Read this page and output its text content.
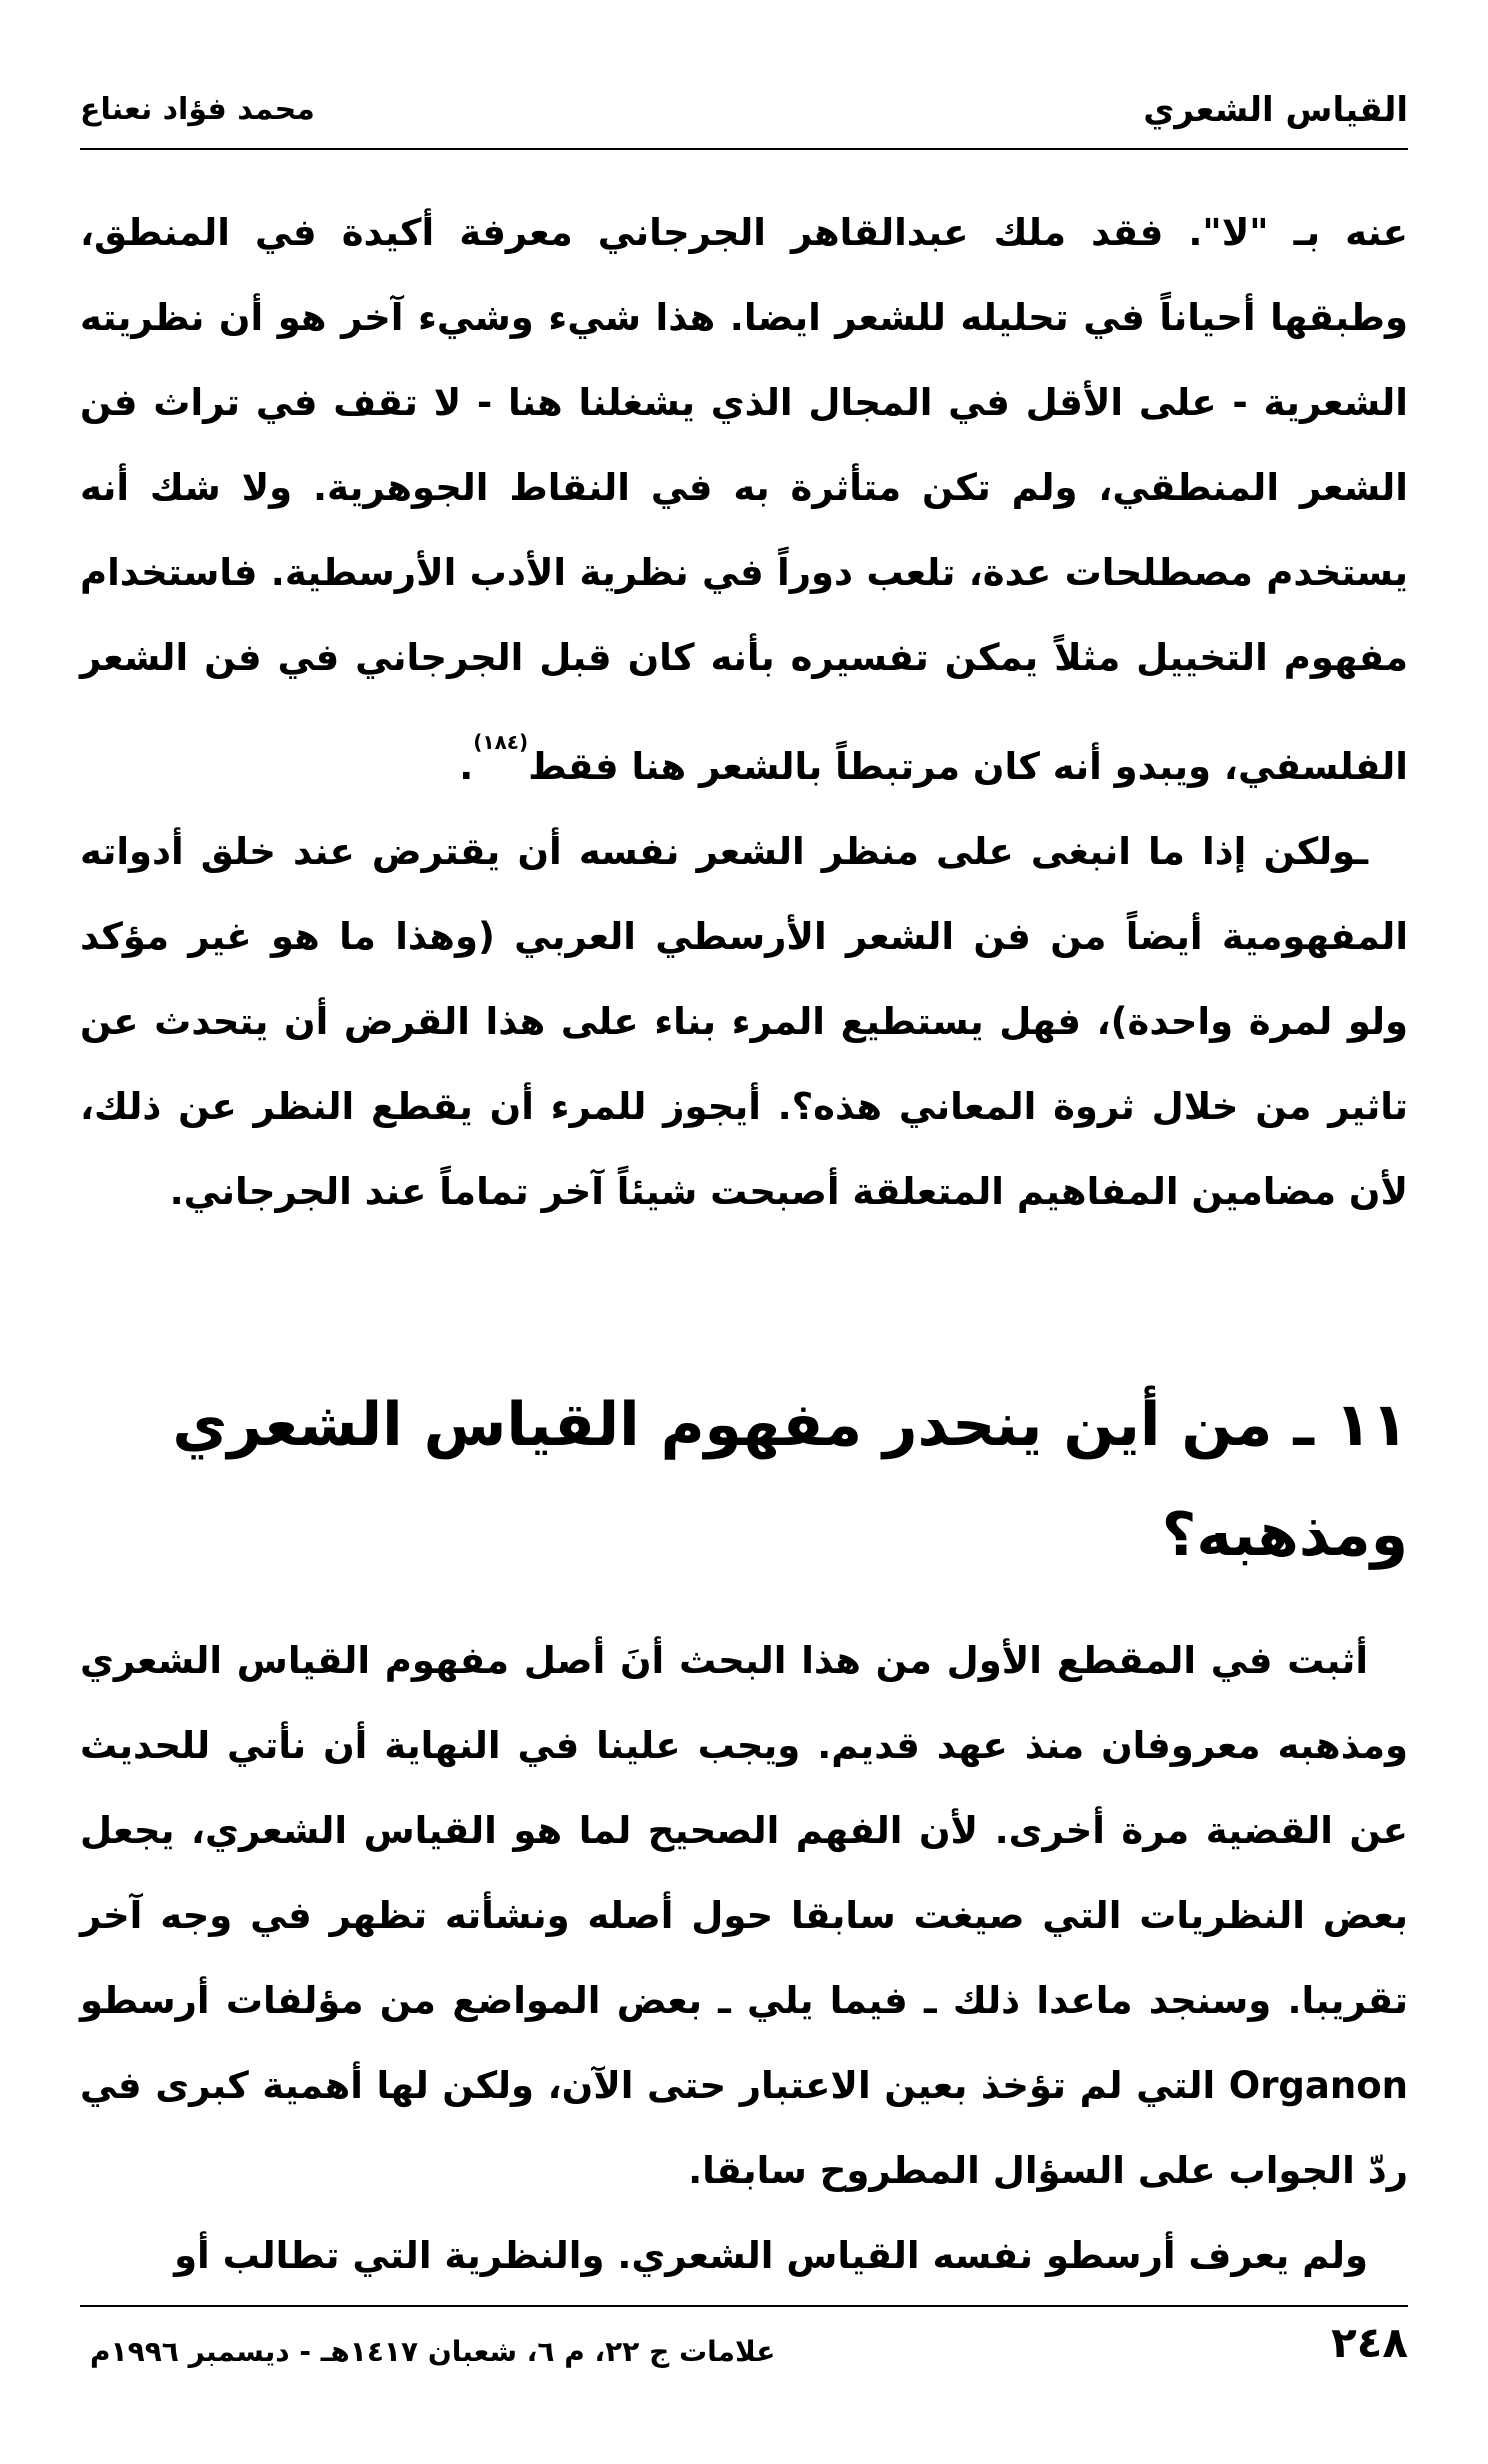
القياس الشعري
محمد فؤاد نعناع

عنه بـ "لا". فقد ملك عبدالقاهر الجرجاني معرفة أكيدة في المنطق، وطبقها أحياناً في تحليله للشعر ايضا. هذا شيء وشيء آخر هو أن نظريته الشعرية - على الأقل في المجال الذي يشغلنا هنا - لا تقف في تراث فن الشعر المنطقي، ولم تكن متأثرة به في النقاط الجوهرية. ولا شك أنه يستخدم مصطلحات عدة، تلعب دوراً في نظرية الأدب الأرسطية. فاستخدام مفهوم التخييل مثلاً يمكن تفسيره بأنه كان قبل الجرجاني في فن الشعر الفلسفي، ويبدو أنه كان مرتبطاً بالشعر هنا فقط$^{(١٨٤)}$.

ـولكن إذا ما انبغى على منظر الشعر نفسه أن يقترض عند خلق أدواته المفهومية أيضاً من فن الشعر الأرسطي العربي (وهذا ما هو غير مؤكد ولو لمرة واحدة)، فهل يستطيع المرء بناء على هذا القرض أن يتحدث عن تاثير من خلال ثروة المعاني هذه؟. أيجوز للمرء أن يقطع النظر عن ذلك، لأن مضامين المفاهيم المتعلقة أصبحت شيئاً آخر تماماً عند الجرجاني.

١١ ـ من أين ينحدر مفهوم القياس الشعري ومذهبه؟

أثبت في المقطع الأول من هذا البحث أنَ أصل مفهوم القياس الشعري ومذهبه معروفان منذ عهد قديم. ويجب علينا في النهاية أن نأتي للحديث عن القضية مرة أخرى. لأن الفهم الصحيح لما هو القياس الشعري، يجعل بعض النظريات التي صيغت سابقا حول أصله ونشأته تظهر في وجه آخر تقريبا. وسنجد ماعدا ذلك ـ فيما يلي ـ بعض المواضع من مؤلفات أرسطو Organon التي لم تؤخذ بعين الاعتبار حتى الآن، ولكن لها أهمية كبرى في ردّ الجواب على السؤال المطروح سابقا.

ولم يعرف أرسطو نفسه القياس الشعري. والنظرية التي تطالب أو

٢٤٨
علامات ج ٢٢، م ٦، شعبان ١٤١٧هـ - ديسمبر ١٩٩٦م
